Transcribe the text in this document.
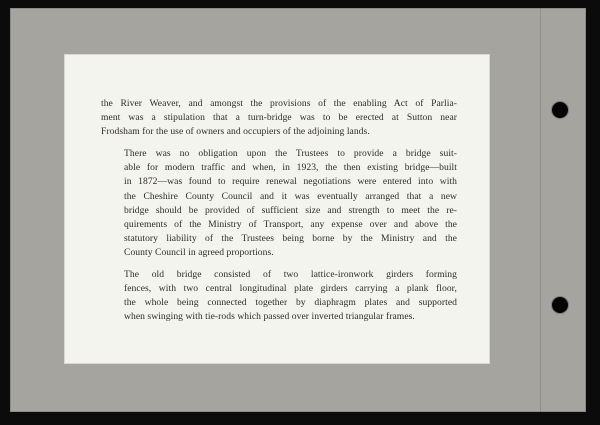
the River Weaver, and amongst the provisions of the enabling Act of Parlia-
ment was a stipulation that a turn-bridge was to be erected at Sutton near
Frodsham for the use of owners and occupiers of the adjoining lands.

There was no obligation upon the Trustees to provide a bridge suit-
able for modern traffic and when, in 1923, the then existing bridge—built
in 1872—was found to require renewal negotiations were entered into with
the Cheshire County Council and it was eventually arranged that a new
bridge should be provided of sufficient size and strength to meet the re-
quirements of the Ministry of Transport, any expense over and above the
statutory liability of the Trustees being borne by the Ministry and the
County Council in agreed proportions.

The old bridge consisted of two lattice-ironwork girders forming
fences, with two central longitudinal plate girders carrying a plank floor,
the whole being connected together by diaphragm plates and supported
when swinging with tie-rods which passed over inverted triangular frames.
